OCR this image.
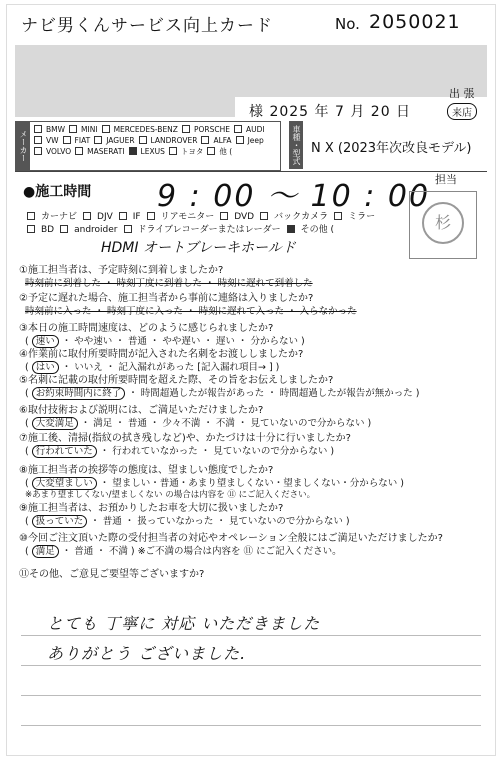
ナビ男くんサービス向上カード	No. 2050021
出 張
様 2025 年 7 月 20 日	来店
メーカー
BMW MINI MERCEDES-BENZ PORSCHE AUDIVW FIAT JAGUER LANDROVER ALFA JeepVOLVO MASERATI LEXUS トヨタ 他 (	車種・型式 N X (2023年次改良モデル)
●施工時間 9 : 00 〜 10 : 00 担当
杉
カーナビ DJV IF リアモニター DVD バックカメラ ミラーBD androider ドライブレコーダーまたはレーダー その他 (
HDMI オートブレーキホールド
①施工担当者は、予定時刻に到着しましたか?
時刻前に到着した ・ 時刻丁度に到着した ・ 時刻に遅れて到着した
②予定に遅れた場合、施工担当者から事前に連絡は入りましたか?
時刻前に入った ・ 時刻丁度に入った ・ 時刻に遅れて入った ・ 入らなかった
③本日の施工時間速度は、どのように感じられましたか?
( 速い ・ やや速い ・ 普通 ・ やや遅い ・ 遅い ・ 分からない )
④作業前に取付所要時間が記入された名刺をお渡ししましたか?
( はい ・ いいえ ・ 記入漏れがあった [記入漏れ項目→ ] )
⑤名刺に記載の取付所要時間を超えた際、その旨をお伝えしましたか?
( お約束時間内に終了 ・ 時間超過したが報告があった ・ 時間超過したが報告が無かった )
⑥取付技術および説明には、ご満足いただけましたか?
( 大変満足 ・ 満足 ・ 普通 ・ 少々不満 ・ 不満 ・ 見ていないので分からない )
⑦施工後、清掃(指紋の拭き残しなど)や、かたづけは十分に行いましたか?
( 行われていた ・ 行われていなかった ・ 見ていないので分からない )
⑧施工担当者の挨拶等の態度は、望ましい態度でしたか?
( 大変望ましい ・ 望ましい・普通・あまり望ましくない・望ましくない・分からない )
※あまり望ましくない/望ましくない の場合は内容を ⑪ にご記入ください。
⑨施工担当者は、お預かりしたお車を大切に扱いましたか?
( 扱っていた ・ 普通 ・ 扱っていなかった ・ 見ていないので分からない )
⑩今回ご注文頂いた際の受付担当者の対応やオペレーション全般にはご満足いただけましたか?
( 満足 ・ 普通 ・ 不満 ) ※ご不満の場合は内容を ⑪ にご記入ください。
⑪その他、ご意見ご要望等ございますか?
とても 丁寧に 対応 いただきました
ありがとう ございました.
